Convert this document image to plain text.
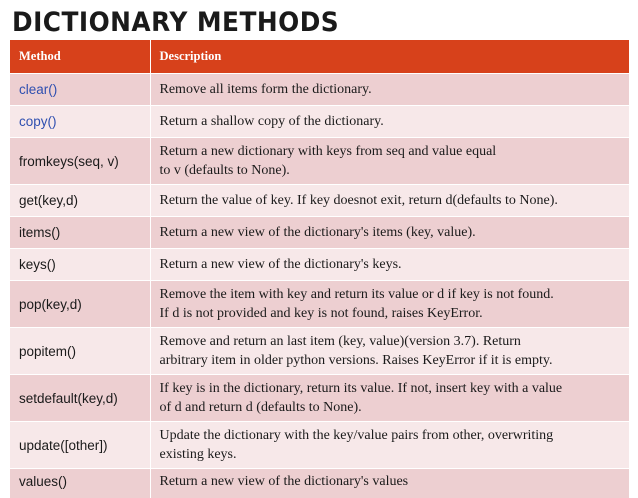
DICTIONARY METHODS
Method	Description
clear()	Remove all items form the dictionary.
copy()	Return a shallow copy of the dictionary.
fromkeys(seq, v)	Return a new dictionary with keys from seq and value equal
to v (defaults to None).

get(key,d)	Return the value of key. If key doesnot exit, return d(defaults to None).
items()	Return a new view of the dictionary's items (key, value).
keys()	Return a new view of the dictionary's keys.
pop(key,d)	Remove the item with key and return its value or d if key is not found.
If d is not provided and key is not found, raises KeyError.

popitem()	Remove and return an last item (key, value)(version 3.7). Return
arbitrary item in older python versions. Raises KeyError if it is empty.

setdefault(key,d)	If key is in the dictionary, return its value. If not, insert key with a value
of d and return d (defaults to None).

update([other])	Update the dictionary with the key/value pairs from other, overwriting
existing keys.

values()	Return a new view of the dictionary's values
